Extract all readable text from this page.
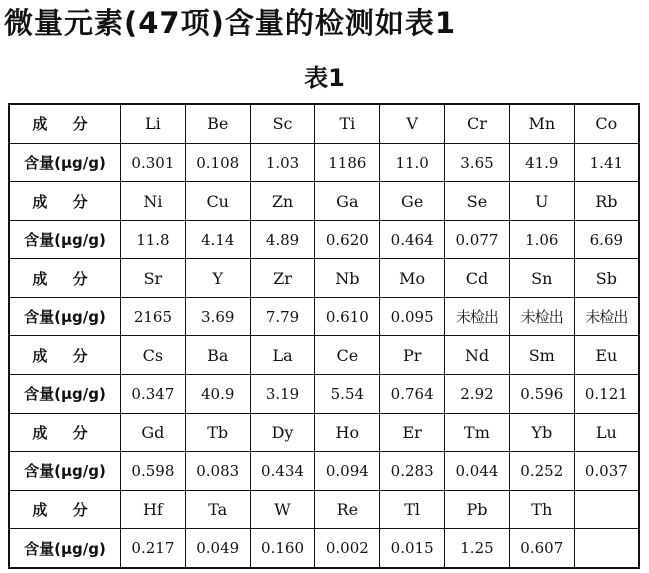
微量元素(47项)含量的检测如表1
表1
成 分	Li	Be	Sc	Ti	V	Cr	Mn	Co
含量(μg/g)	0.301	0.108	1.03	1186	11.0	3.65	41.9	1.41
成 分	Ni	Cu	Zn	Ga	Ge	Se	U	Rb
含量(μg/g)	11.8	4.14	4.89	0.620	0.464	0.077	1.06	6.69
成 分	Sr	Y	Zr	Nb	Mo	Cd	Sn	Sb
含量(μg/g)	2165	3.69	7.79	0.610	0.095	未检出	未检出	未检出
成 分	Cs	Ba	La	Ce	Pr	Nd	Sm	Eu
含量(μg/g)	0.347	40.9	3.19	5.54	0.764	2.92	0.596	0.121
成 分	Gd	Tb	Dy	Ho	Er	Tm	Yb	Lu
含量(μg/g)	0.598	0.083	0.434	0.094	0.283	0.044	0.252	0.037
成 分	Hf	Ta	W	Re	Tl	Pb	Th	
含量(μg/g)	0.217	0.049	0.160	0.002	0.015	1.25	0.607	
